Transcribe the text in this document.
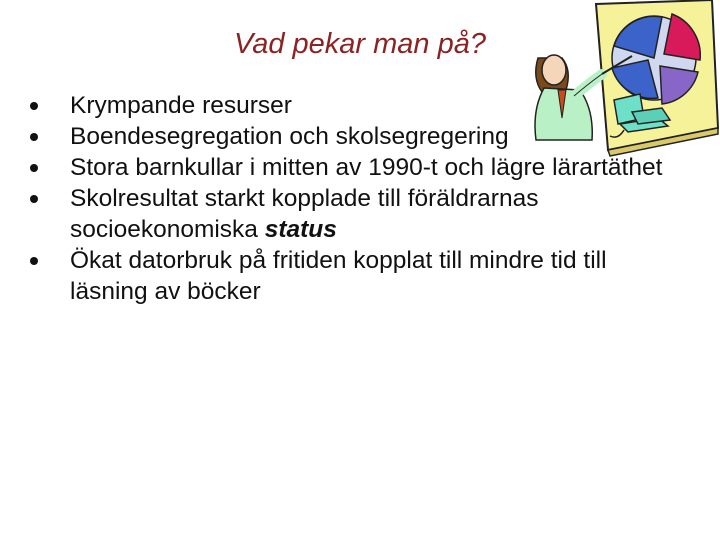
Vad pekar man på?
Krympande resurser
Boendesegregation och skolsegregering
Stora barnkullar i mitten av 1990-t och lägre lärartäthet
Skolresultat starkt kopplade till föräldrarnas socioekonomiska status
Ökat datorbruk på fritiden kopplat till mindre tid till läsning av böcker
